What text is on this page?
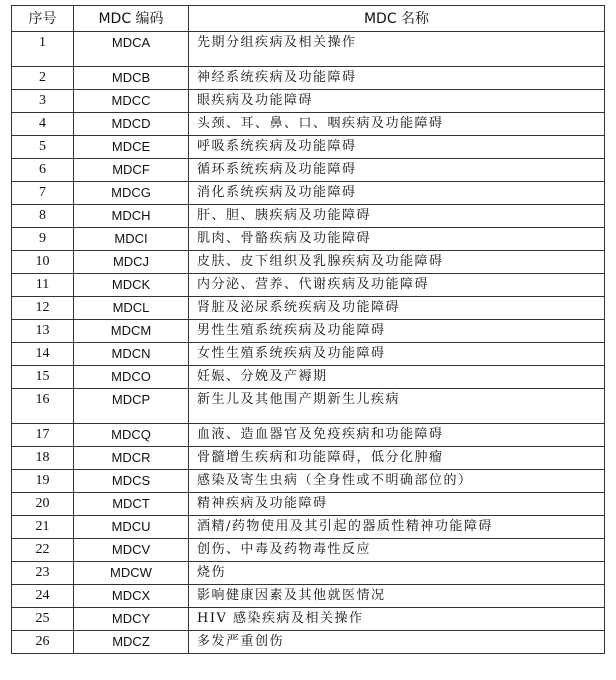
序号	MDC 编码	MDC 名称
1	MDCA	先期分组疾病及相关操作
2	MDCB	神经系统疾病及功能障碍
3	MDCC	眼疾病及功能障碍
4	MDCD	头颈、耳、鼻、口、咽疾病及功能障碍
5	MDCE	呼吸系统疾病及功能障碍
6	MDCF	循环系统疾病及功能障碍
7	MDCG	消化系统疾病及功能障碍
8	MDCH	肝、胆、胰疾病及功能障碍
9	MDCI	肌肉、骨骼疾病及功能障碍
10	MDCJ	皮肤、皮下组织及乳腺疾病及功能障碍
11	MDCK	内分泌、营养、代谢疾病及功能障碍
12	MDCL	肾脏及泌尿系统疾病及功能障碍
13	MDCM	男性生殖系统疾病及功能障碍
14	MDCN	女性生殖系统疾病及功能障碍
15	MDCO	妊娠、分娩及产褥期
16	MDCP	新生儿及其他围产期新生儿疾病
17	MDCQ	血液、造血器官及免疫疾病和功能障碍
18	MDCR	骨髓增生疾病和功能障碍，低分化肿瘤
19	MDCS	感染及寄生虫病（全身性或不明确部位的）
20	MDCT	精神疾病及功能障碍
21	MDCU	酒精/药物使用及其引起的器质性精神功能障碍
22	MDCV	创伤、中毒及药物毒性反应
23	MDCW	烧伤
24	MDCX	影响健康因素及其他就医情况
25	MDCY	HIV 感染疾病及相关操作
26	MDCZ	多发严重创伤
